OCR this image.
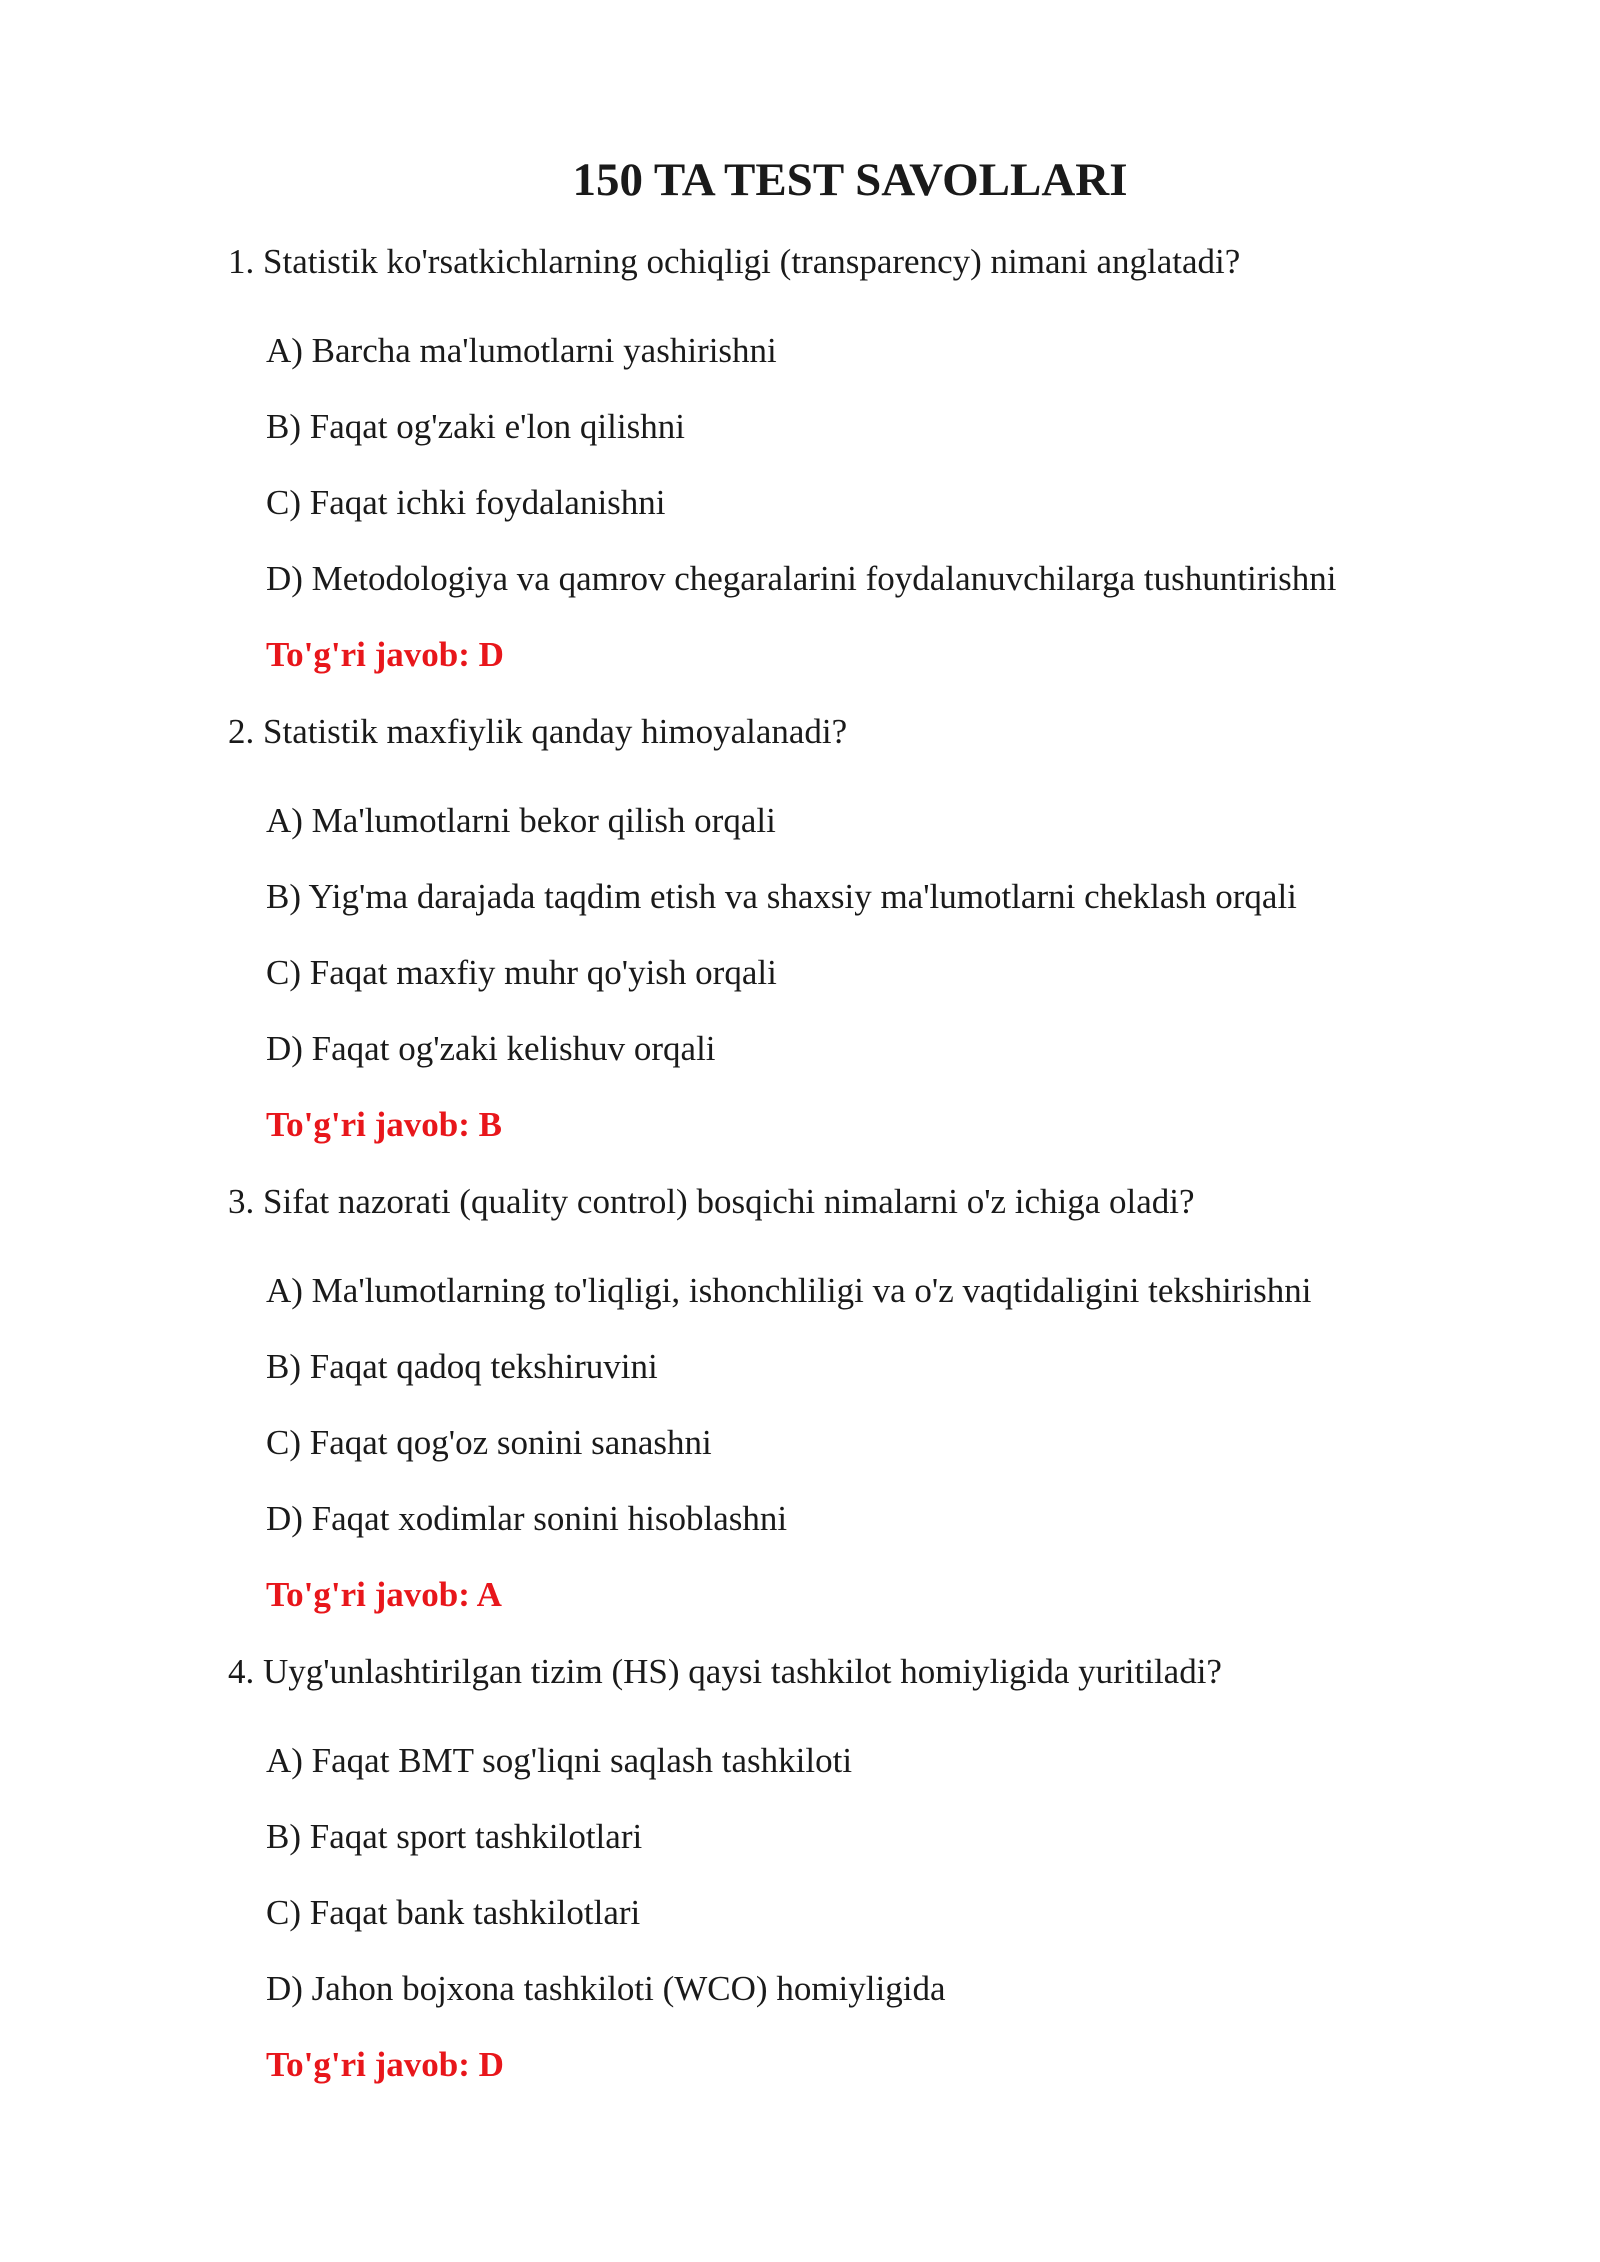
150 TA TEST SAVOLLARI
1. Statistik ko'rsatkichlarning ochiqligi (transparency) nimani anglatadi?
A) Barcha ma'lumotlarni yashirishni
B) Faqat og'zaki e'lon qilishni
C) Faqat ichki foydalanishni
D) Metodologiya va qamrov chegaralarini foydalanuvchilarga tushuntirishni
To'g'ri javob: D
2. Statistik maxfiylik qanday himoyalanadi?
A) Ma'lumotlarni bekor qilish orqali
B) Yig'ma darajada taqdim etish va shaxsiy ma'lumotlarni cheklash orqali
C) Faqat maxfiy muhr qo'yish orqali
D) Faqat og'zaki kelishuv orqali
To'g'ri javob: B
3. Sifat nazorati (quality control) bosqichi nimalarni o'z ichiga oladi?
A) Ma'lumotlarning to'liqligi, ishonchliligi va o'z vaqtidaligini tekshirishni
B) Faqat qadoq tekshiruvini
C) Faqat qog'oz sonini sanashni
D) Faqat xodimlar sonini hisoblashni
To'g'ri javob: A
4. Uyg'unlashtirilgan tizim (HS) qaysi tashkilot homiyligida yuritiladi?
A) Faqat BMT sog'liqni saqlash tashkiloti
B) Faqat sport tashkilotlari
C) Faqat bank tashkilotlari
D) Jahon bojxona tashkiloti (WCO) homiyligida
To'g'ri javob: D
